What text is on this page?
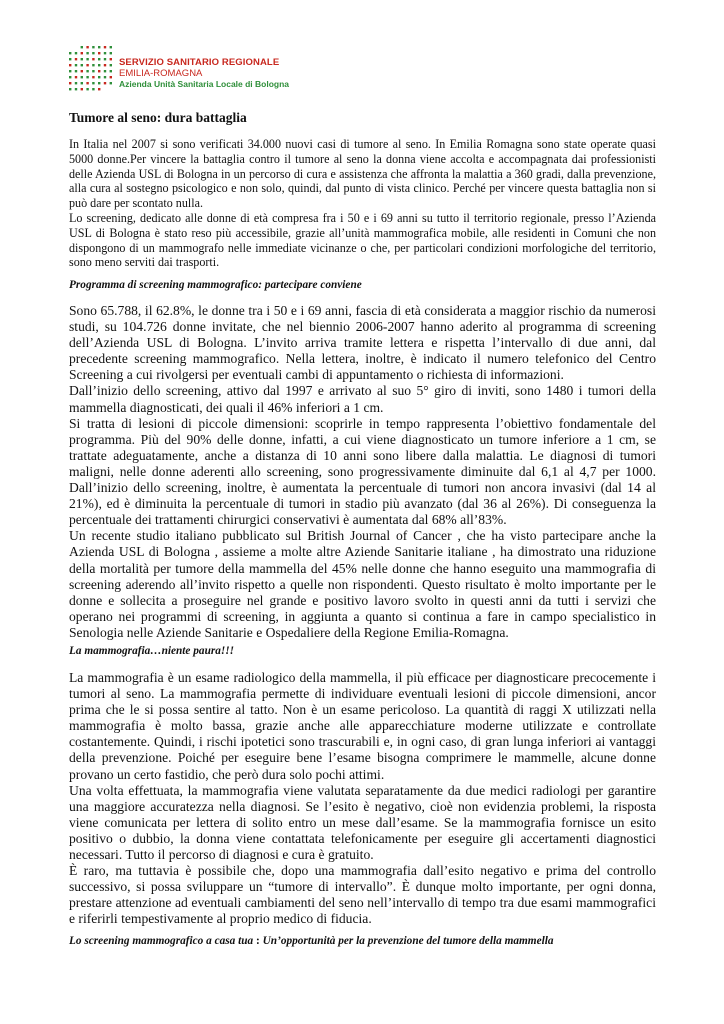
SERVIZIO SANITARIO REGIONALE
EMILIA-ROMAGNA
Azienda Unità Sanitaria Locale di Bologna
Tumore al seno: dura battaglia

In Italia nel 2007 si sono verificati 34.000 nuovi casi di tumore al seno. In Emilia Romagna sono state operate quasi 5000 donne.Per vincere la battaglia contro il tumore al seno la donna viene accolta e accompagnata dai professionisti delle Azienda USL di Bologna in un percorso di cura e assistenza che affronta la malattia a 360 gradi, dalla prevenzione, alla cura al sostegno psicologico e non solo, quindi, dal punto di vista clinico. Perché per vincere questa battaglia non si può dare per scontato nulla.

Lo screening, dedicato alle donne di età compresa fra i 50 e i 69 anni su tutto il territorio regionale, presso l’Azienda USL di Bologna è stato reso più accessibile, grazie all’unità mammografica mobile, alle residenti in Comuni che non dispongono di un mammografo nelle immediate vicinanze o che, per particolari condizioni morfologiche del territorio, sono meno serviti dai trasporti.

Programma di screening mammografico: partecipare conviene

Sono 65.788, il 62.8%, le donne tra i 50 e i 69 anni, fascia di età considerata a maggior rischio da numerosi studi, su 104.726 donne invitate, che nel biennio 2006-2007 hanno aderito al programma di screening dell’Azienda USL di Bologna. L’invito arriva tramite lettera e rispetta l’intervallo di due anni, dal precedente screening mammografico. Nella lettera, inoltre, è indicato il numero telefonico del Centro Screening a cui rivolgersi per eventuali cambi di appuntamento o richiesta di informazioni.

Dall’inizio dello screening, attivo dal 1997 e arrivato al suo 5° giro di inviti, sono 1480 i tumori della mammella diagnosticati, dei quali il 46% inferiori a 1 cm.

Si tratta di lesioni di piccole dimensioni: scoprirle in tempo rappresenta l’obiettivo fondamentale del programma. Più del 90% delle donne, infatti, a cui viene diagnosticato un tumore inferiore a 1 cm, se trattate adeguatamente, anche a distanza di 10 anni sono libere dalla malattia. Le diagnosi di tumori maligni, nelle donne aderenti allo screening, sono progressivamente diminuite dal 6,1 al 4,7 per 1000. Dall’inizio dello screening, inoltre, è aumentata la percentuale di tumori non ancora invasivi (dal 14 al 21%), ed è diminuita la percentuale di tumori in stadio più avanzato (dal 36 al 26%). Di conseguenza la percentuale dei trattamenti chirurgici conservativi è aumentata dal 68% all’83%.

Un recente studio italiano pubblicato sul British Journal of Cancer , che ha visto partecipare anche la Azienda USL di Bologna , assieme a molte altre Aziende Sanitarie italiane , ha dimostrato una riduzione della mortalità per tumore della mammella del 45% nelle donne che hanno eseguito una mammografia di screening aderendo all’invito rispetto a quelle non rispondenti. Questo risultato è molto importante per le donne e sollecita a proseguire nel grande e positivo lavoro svolto in questi anni da tutti i servizi che operano nei programmi di screening, in aggiunta a quanto si continua a fare in campo specialistico in Senologia nelle Aziende Sanitarie e Ospedaliere della Regione Emilia-Romagna.

La mammografia…niente paura!!!

La mammografia è un esame radiologico della mammella, il più efficace per diagnosticare precocemente i tumori al seno. La mammografia permette di individuare eventuali lesioni di piccole dimensioni, ancor prima che le si possa sentire al tatto. Non è un esame pericoloso. La quantità di raggi X utilizzati nella mammografia è molto bassa, grazie anche alle apparecchiature moderne utilizzate e controllate costantemente. Quindi, i rischi ipotetici sono trascurabili e, in ogni caso, di gran lunga inferiori ai vantaggi della prevenzione. Poiché per eseguire bene l’esame bisogna comprimere le mammelle, alcune donne provano un certo fastidio, che però dura solo pochi attimi.

Una volta effettuata, la mammografia viene valutata separatamente da due medici radiologi per garantire una maggiore accuratezza nella diagnosi. Se l’esito è negativo, cioè non evidenzia problemi, la risposta viene comunicata per lettera di solito entro un mese dall’esame. Se la mammografia fornisce un esito positivo o dubbio, la donna viene contattata telefonicamente per eseguire gli accertamenti diagnostici necessari. Tutto il percorso di diagnosi e cura è gratuito.

È raro, ma tuttavia è possibile che, dopo una mammografia dall’esito negativo e prima del controllo successivo, si possa sviluppare un “tumore di intervallo”. È dunque molto importante, per ogni donna, prestare attenzione ad eventuali cambiamenti del seno nell’intervallo di tempo tra due esami mammografici e riferirli tempestivamente al proprio medico di fiducia.

Lo screening mammografico a casa tua : Un’opportunità per la prevenzione del tumore della mammella
